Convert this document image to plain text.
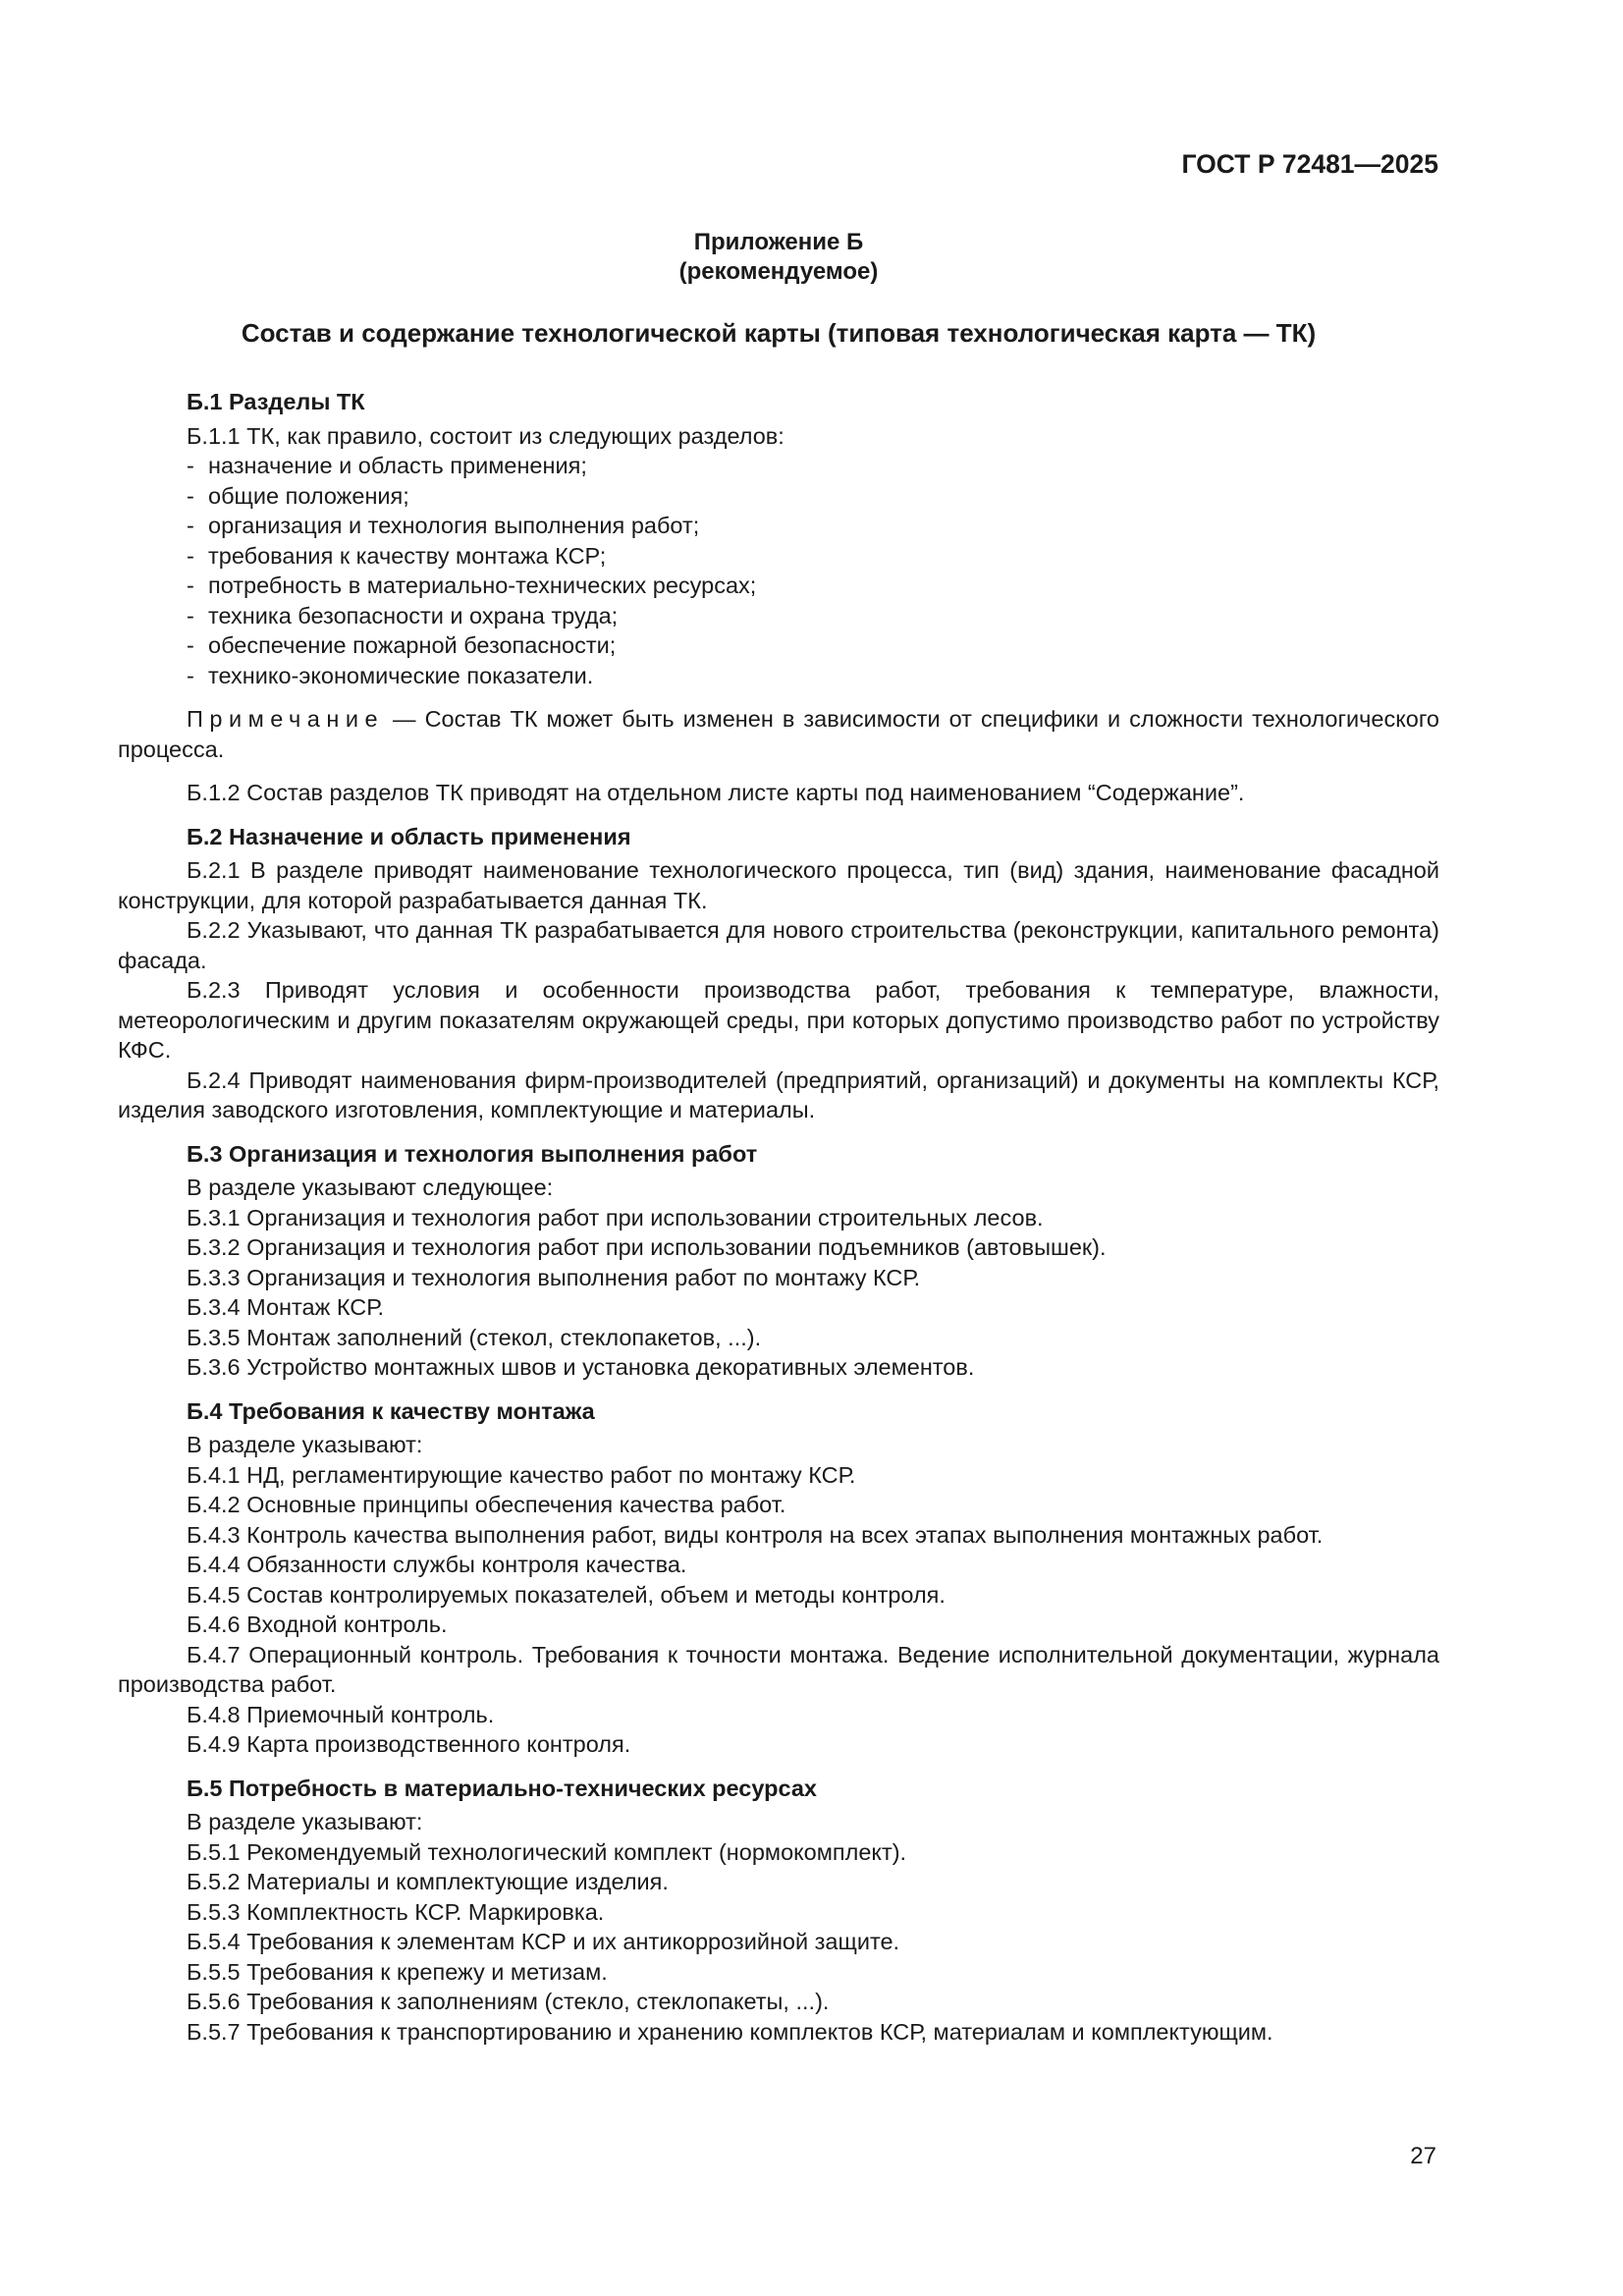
ГОСТ Р 72481—2025
Приложение Б
(рекомендуемое)
Состав и содержание технологической карты (типовая технологическая карта — ТК)
Б.1 Разделы ТК
Б.1.1 ТК, как правило, состоит из следующих разделов:
- назначение и область применения;
- общие положения;
- организация и технология выполнения работ;
- требования к качеству монтажа КСР;
- потребность в материально-технических ресурсах;
- техника безопасности и охрана труда;
- обеспечение пожарной безопасности;
- технико-экономические показатели.
Примечание — Состав ТК может быть изменен в зависимости от специфики и сложности технологического процесса.
Б.1.2 Состав разделов ТК приводят на отдельном листе карты под наименованием “Содержание”.
Б.2 Назначение и область применения
Б.2.1 В разделе приводят наименование технологического процесса, тип (вид) здания, наименование фасадной конструкции, для которой разрабатывается данная ТК.
Б.2.2 Указывают, что данная ТК разрабатывается для нового строительства (реконструкции, капитального ремонта) фасада.
Б.2.3 Приводят условия и особенности производства работ, требования к температуре, влажности, метеорологическим и другим показателям окружающей среды, при которых допустимо производство работ по устройству КФС.
Б.2.4 Приводят наименования фирм-производителей (предприятий, организаций) и документы на комплекты КСР, изделия заводского изготовления, комплектующие и материалы.
Б.3 Организация и технология выполнения работ
В разделе указывают следующее:
Б.3.1 Организация и технология работ при использовании строительных лесов.
Б.3.2 Организация и технология работ при использовании подъемников (автовышек).
Б.3.3 Организация и технология выполнения работ по монтажу КСР.
Б.3.4 Монтаж КСР.
Б.3.5 Монтаж заполнений (стекол, стеклопакетов, ...).
Б.3.6 Устройство монтажных швов и установка декоративных элементов.
Б.4 Требования к качеству монтажа
В разделе указывают:
Б.4.1 НД, регламентирующие качество работ по монтажу КСР.
Б.4.2 Основные принципы обеспечения качества работ.
Б.4.3 Контроль качества выполнения работ, виды контроля на всех этапах выполнения монтажных работ.
Б.4.4 Обязанности службы контроля качества.
Б.4.5 Состав контролируемых показателей, объем и методы контроля.
Б.4.6 Входной контроль.
Б.4.7 Операционный контроль. Требования к точности монтажа. Ведение исполнительной документации, журнала производства работ.
Б.4.8 Приемочный контроль.
Б.4.9 Карта производственного контроля.
Б.5 Потребность в материально-технических ресурсах
В разделе указывают:
Б.5.1 Рекомендуемый технологический комплект (нормокомплект).
Б.5.2 Материалы и комплектующие изделия.
Б.5.3 Комплектность КСР. Маркировка.
Б.5.4 Требования к элементам КСР и их антикоррозийной защите.
Б.5.5 Требования к крепежу и метизам.
Б.5.6 Требования к заполнениям (стекло, стеклопакеты, ...).
Б.5.7 Требования к транспортированию и хранению комплектов КСР, материалам и комплектующим.
27
